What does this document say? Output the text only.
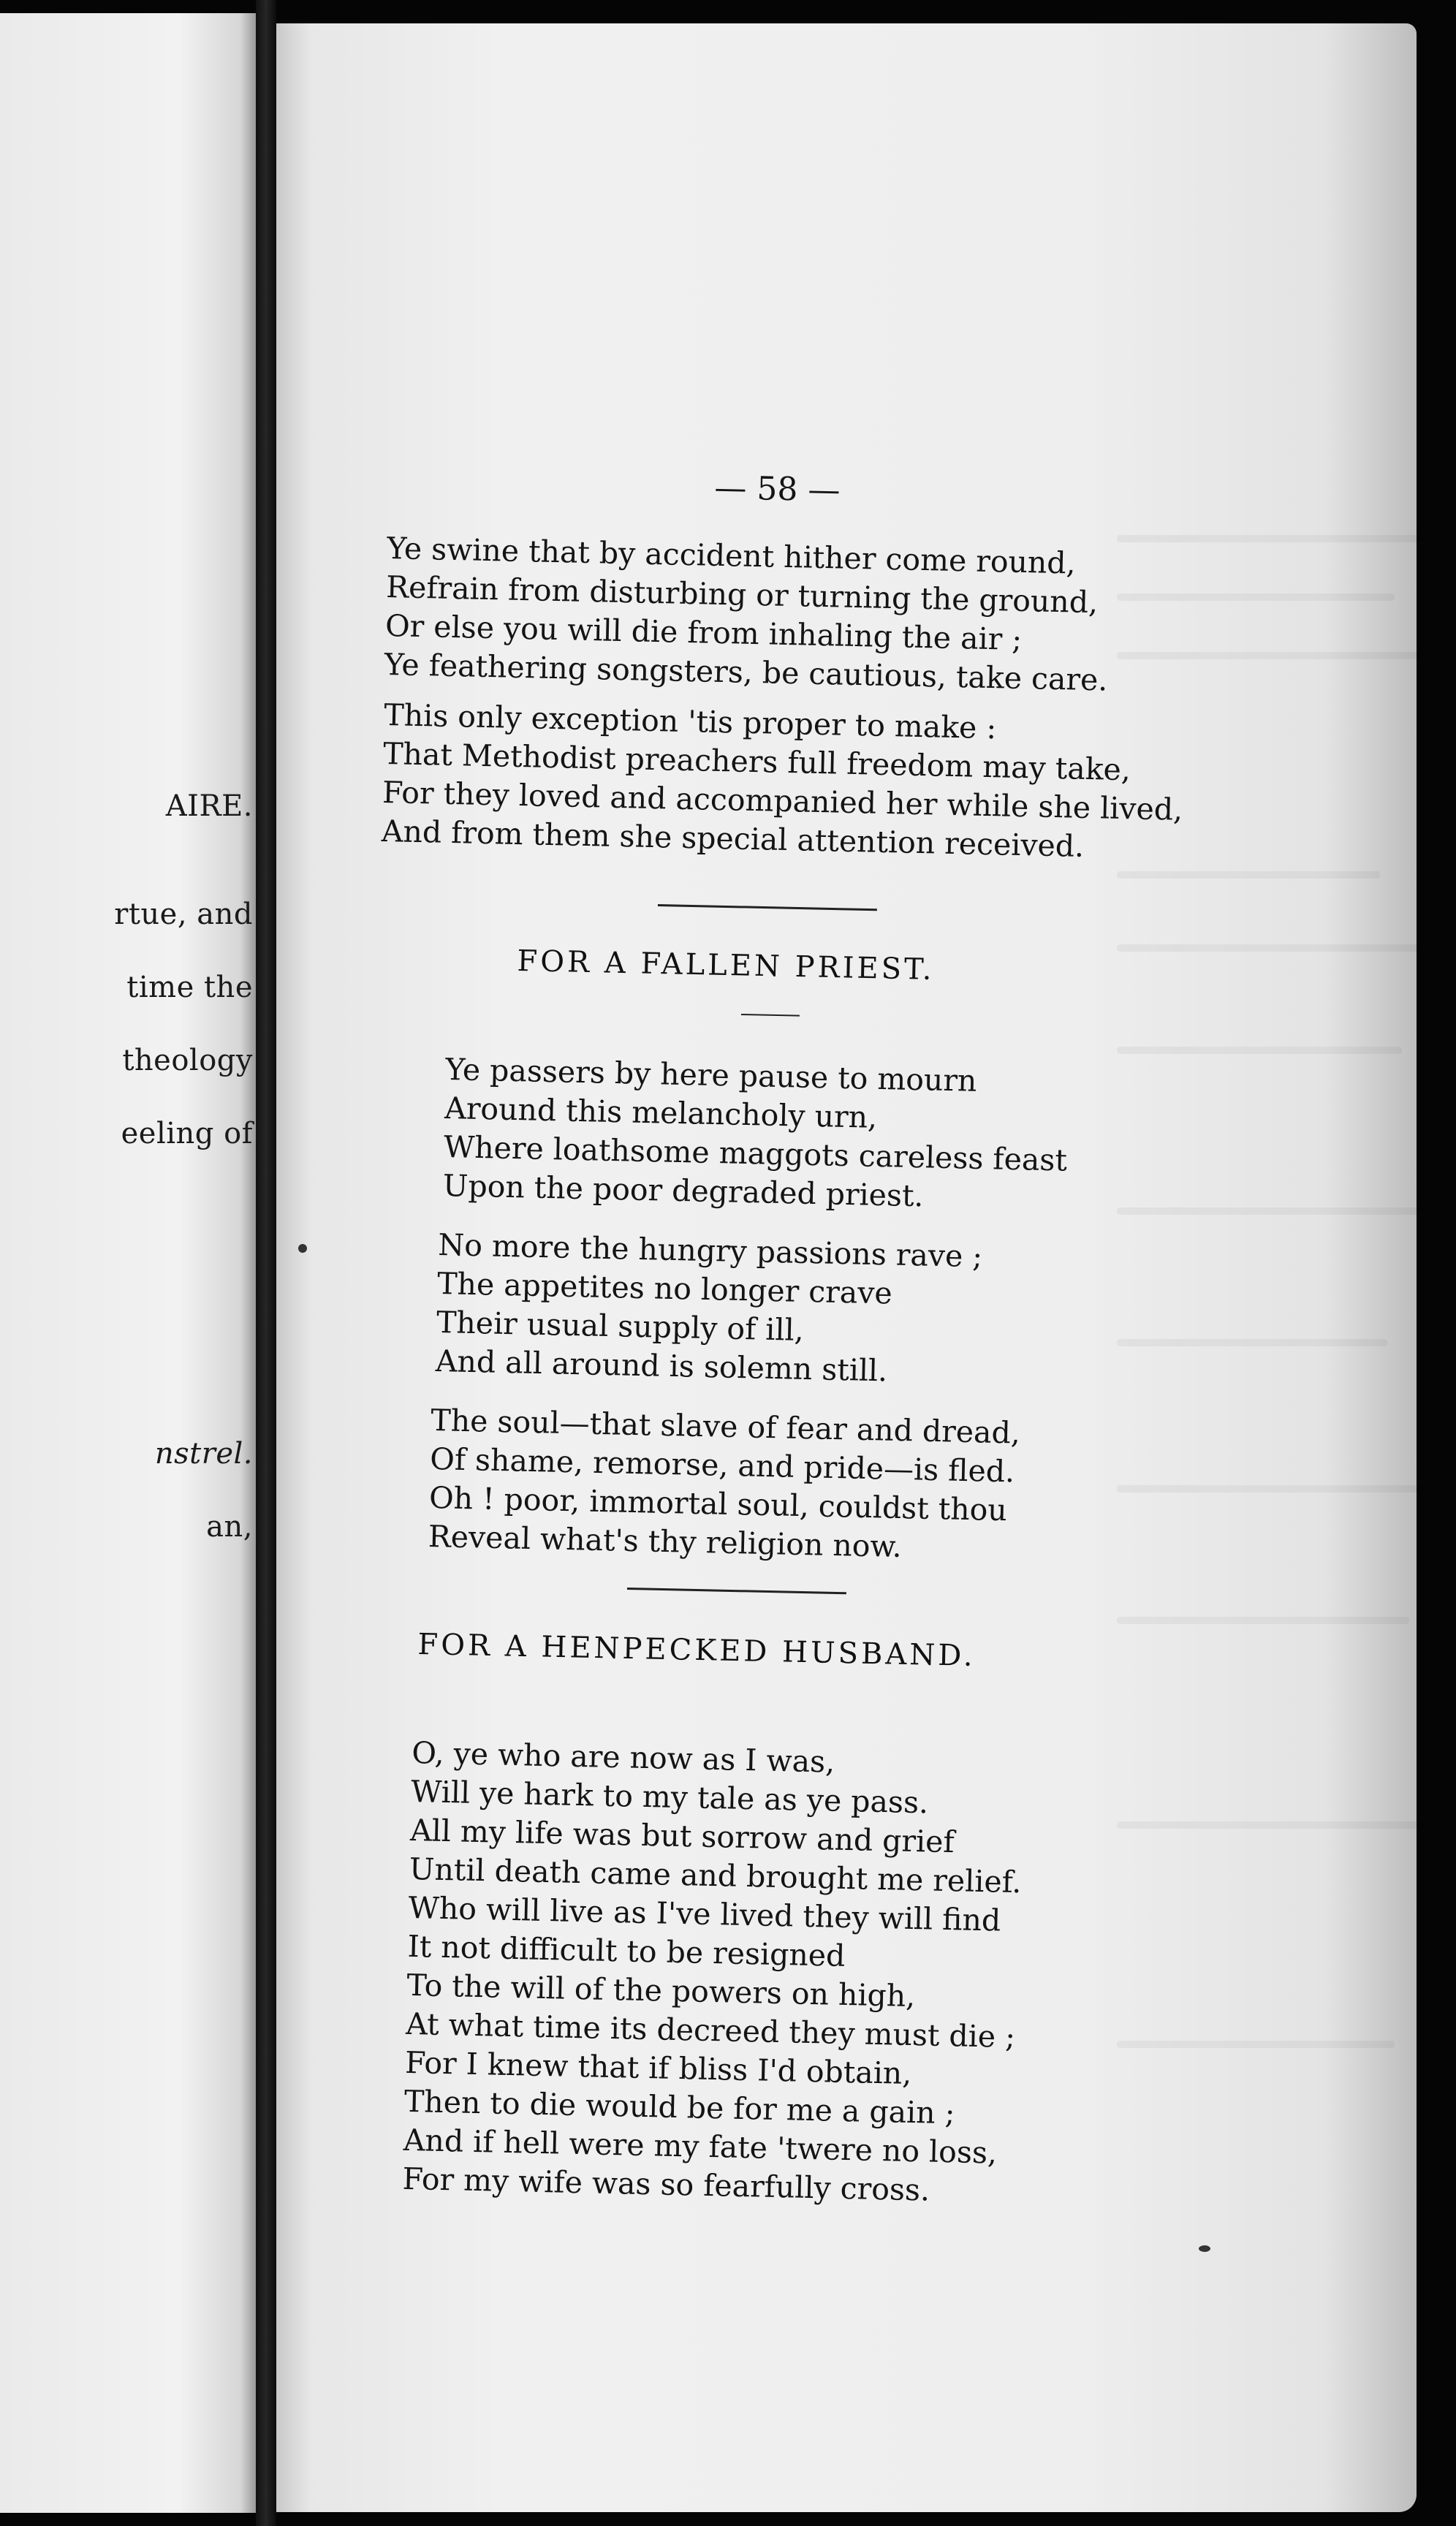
AIRE.

rtue, and

time the

theology

eeling of

nstrel.

an,

— 58 —

Ye swine that by accident hither come round,
Refrain from disturbing or turning the ground,
Or else you will die from inhaling the air ;
Ye feathering songsters, be cautious, take care.
This only exception 'tis proper to make :
That Methodist preachers full freedom may take,
For they loved and accompanied her while she lived,
And from them she special attention received.
FOR A FALLEN PRIEST.
Ye passers by here pause to mourn
Around this melancholy urn,
Where loathsome maggots careless feast
Upon the poor degraded priest.
No more the hungry passions rave ;
The appetites no longer crave
Their usual supply of ill,
And all around is solemn still.
The soul—that slave of fear and dread,
Of shame, remorse, and pride—is fled.
Oh ! poor, immortal soul, couldst thou
Reveal what's thy religion now.
FOR A HENPECKED HUSBAND.
O, ye who are now as I was,
Will ye hark to my tale as ye pass.
All my life was but sorrow and grief
Until death came and brought me relief.
Who will live as I've lived they will find
It not difficult to be resigned
To the will of the powers on high,
At what time its decreed they must die ;
For I knew that if bliss I'd obtain,
Then to die would be for me a gain ;
And if hell were my fate 'twere no loss,
For my wife was so fearfully cross.
